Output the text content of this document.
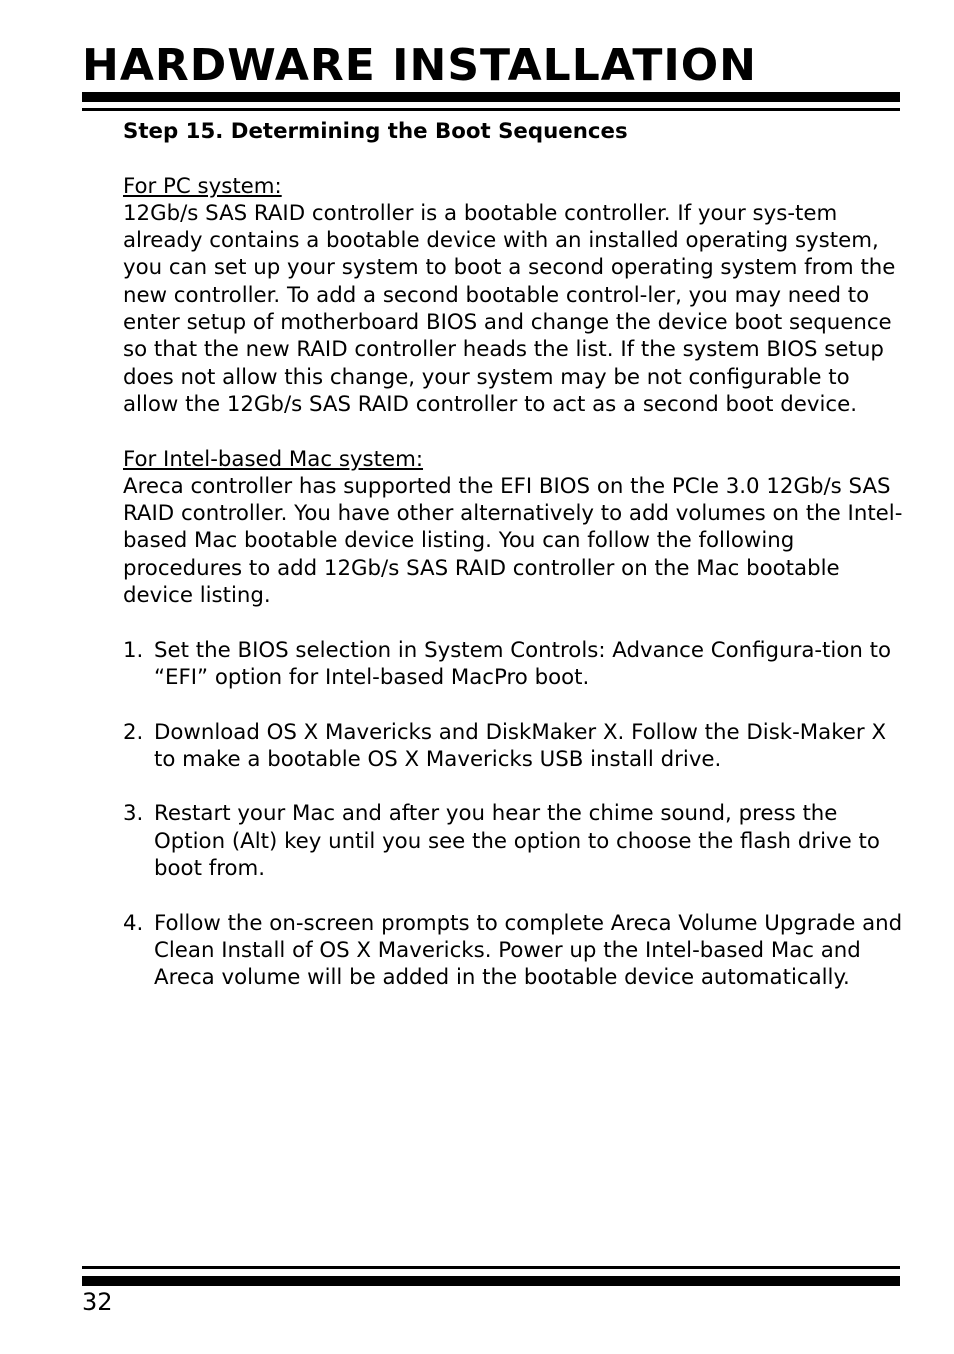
HARDWARE INSTALLATION

Step 15. Determining the Boot Sequences

For PC system:

12Gb/s SAS RAID controller is a bootable controller. If your sys-tem already contains a bootable device with an installed operating system, you can set up your system to boot a second operating system from the new controller. To add a second bootable control-ler, you may need to enter setup of motherboard BIOS and change the device boot sequence so that the new RAID controller heads the list. If the system BIOS setup does not allow this change, your system may be not configurable to allow the 12Gb/s SAS RAID controller to act as a second boot device.

For Intel-based Mac system:

Areca controller has supported the EFI BIOS on the PCIe 3.0 12Gb/s SAS RAID controller. You have other alternatively to add volumes on the Intel-based Mac bootable device listing. You can follow the following procedures to add 12Gb/s SAS RAID controller on the Mac bootable device listing.

1. Set the BIOS selection in System Controls: Advance Configura-tion to “EFI” option for Intel-based MacPro boot.
2. Download OS X Mavericks and DiskMaker X. Follow the Disk-Maker X to make a bootable OS X Mavericks USB install drive.
3. Restart your Mac and after you hear the chime sound, press the Option (Alt) key until you see the option to choose the flash drive to boot from.
4. Follow the on-screen prompts to complete Areca Volume Upgrade and Clean Install of OS X Mavericks. Power up the Intel-based Mac and Areca volume will be added in the bootable device automatically.
32
